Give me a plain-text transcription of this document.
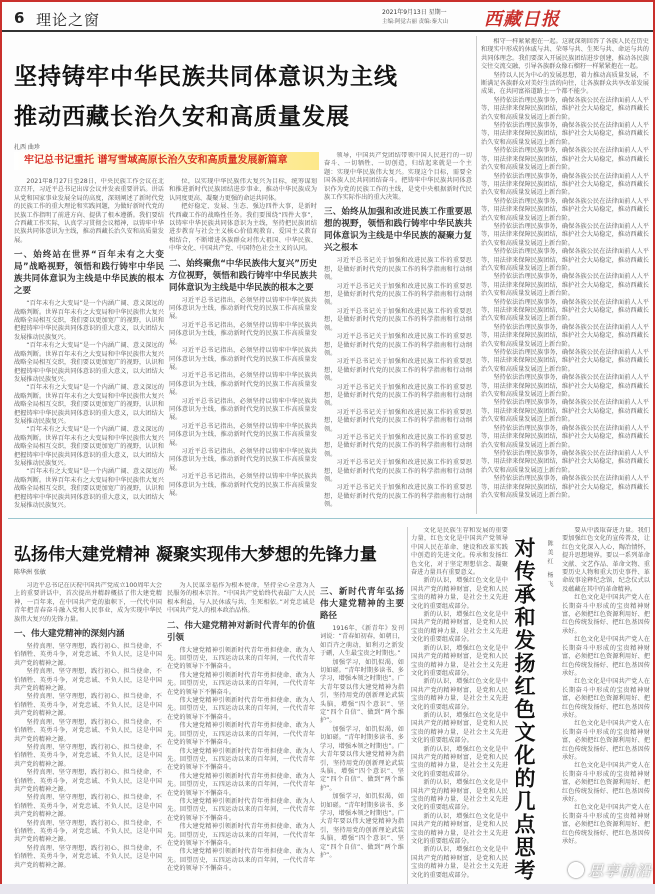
6 理论之窗	2021年9月13日 星期一
主编:阿觉古丽 责编:秦大山 西藏日报
坚持铸牢中华民族共同体意识为主线
推动西藏长治久安和高质量发展
扎西 曲珍
牢记总书记重托 谱写雪域高原长治久安和高质量发展新篇章

2021年8月27日至28日，中央民族工作会议在北京召开，习近平总书记出席会议并发表重要讲话。讲话从党和国家事业发展全局的高度，深刻阐述了新时代党的民族工作的重大理论和实践问题，为做好新时代党的民族工作指明了前进方向、提供了根本遵循。我们要结合西藏工作实际，认真学习贯彻会议精神，以铸牢中华民族共同体意识为主线，推动西藏长治久安和高质量发展。

一、始终站在世界“百年未有之大变局”战略视野，领悟和践行铸牢中华民族共同体意识为主线是中华民族的根本之要

“百年未有之大变局”是一个内涵广阔、意义深远的战略判断。世界百年未有之大变局和中华民族伟大复兴战略全局相互交织，我们要以更加宽广的视野，认识和把握铸牢中华民族共同体意识的重大意义，以大团结大发展推动民族复兴。

“百年未有之大变局”是一个内涵广阔、意义深远的战略判断。世界百年未有之大变局和中华民族伟大复兴战略全局相互交织，我们要以更加宽广的视野，认识和把握铸牢中华民族共同体意识的重大意义，以大团结大发展推动民族复兴。

“百年未有之大变局”是一个内涵广阔、意义深远的战略判断。世界百年未有之大变局和中华民族伟大复兴战略全局相互交织，我们要以更加宽广的视野，认识和把握铸牢中华民族共同体意识的重大意义，以大团结大发展推动民族复兴。

“百年未有之大变局”是一个内涵广阔、意义深远的战略判断。世界百年未有之大变局和中华民族伟大复兴战略全局相互交织，我们要以更加宽广的视野，认识和把握铸牢中华民族共同体意识的重大意义，以大团结大发展推动民族复兴。

“百年未有之大变局”是一个内涵广阔、意义深远的战略判断。世界百年未有之大变局和中华民族伟大复兴战略全局相互交织，我们要以更加宽广的视野，认识和把握铸牢中华民族共同体意识的重大意义，以大团结大发展推动民族复兴。

位，以实现中华民族伟大复兴为目标，统筹谋划和推进新时代民族团结进步事业，推动中华民族成为认同度更高、凝聚力更强的命运共同体。

把好稳定、发展、生态、强边四件大事，是新时代西藏工作的战略性任务。我们要围绕“四件大事”，以铸牢中华民族共同体意识为主线，坚持把民族团结进步教育与社会主义核心价值观教育、爱国主义教育相结合，不断增进各族群众对伟大祖国、中华民族、中华文化、中国共产党、中国特色社会主义的认同。

二、始终聚焦“中华民族伟大复兴”历史方位视野，领悟和践行铸牢中华民族共同体意识为主线是中华民族的根本之要

习近平总书记指出，必须坚持以铸牢中华民族共同体意识为主线，推动新时代党的民族工作高质量发展。

习近平总书记指出，必须坚持以铸牢中华民族共同体意识为主线，推动新时代党的民族工作高质量发展。

习近平总书记指出，必须坚持以铸牢中华民族共同体意识为主线，推动新时代党的民族工作高质量发展。

习近平总书记指出，必须坚持以铸牢中华民族共同体意识为主线，推动新时代党的民族工作高质量发展。

习近平总书记指出，必须坚持以铸牢中华民族共同体意识为主线，推动新时代党的民族工作高质量发展。

习近平总书记指出，必须坚持以铸牢中华民族共同体意识为主线，推动新时代党的民族工作高质量发展。

习近平总书记指出，必须坚持以铸牢中华民族共同体意识为主线，推动新时代党的民族工作高质量发展。

习近平总书记指出，必须坚持以铸牢中华民族共同体意识为主线，推动新时代党的民族工作高质量发展。

领导，中国共产党团结带领中国人民进行的一切奋斗、一切牺牲、一切创造，归结起来就是一个主题：实现中华民族伟大复兴。实现这个目标，需要全国各族人民共同团结奋斗。把铸牢中华民族共同体意识作为党的民族工作的主线，是党中央根据新时代民族工作实际作出的重大决策。

三、始终从加强和改进民族工作重要思想的视野，领悟和践行铸牢中华民族共同体意识为主线是中华民族的凝聚力复兴之根本

习近平总书记关于加强和改进民族工作的重要思想，是做好新时代党的民族工作的科学指南和行动纲领。

习近平总书记关于加强和改进民族工作的重要思想，是做好新时代党的民族工作的科学指南和行动纲领。

习近平总书记关于加强和改进民族工作的重要思想，是做好新时代党的民族工作的科学指南和行动纲领。

习近平总书记关于加强和改进民族工作的重要思想，是做好新时代党的民族工作的科学指南和行动纲领。

习近平总书记关于加强和改进民族工作的重要思想，是做好新时代党的民族工作的科学指南和行动纲领。

习近平总书记关于加强和改进民族工作的重要思想，是做好新时代党的民族工作的科学指南和行动纲领。

习近平总书记关于加强和改进民族工作的重要思想，是做好新时代党的民族工作的科学指南和行动纲领。

习近平总书记关于加强和改进民族工作的重要思想，是做好新时代党的民族工作的科学指南和行动纲领。

习近平总书记关于加强和改进民族工作的重要思想，是做好新时代党的民族工作的科学指南和行动纲领。

习近平总书记关于加强和改进民族工作的重要思想，是做好新时代党的民族工作的科学指南和行动纲领。

相守一样紧紧抱在一起。这就深刻回答了各族人民在历史和现实中形成的休戚与共、荣辱与共、生死与共、命运与共的共同体理念。我们要深入开展民族团结进步创建，推动各民族交往交流交融，引导各族群众像石榴籽一样紧紧抱在一起。

坚持以人民为中心的发展思想，着力推动高质量发展，不断满足各族群众对美好生活的向往，让各族群众共享改革发展成果，在共同富裕道路上一个都不能少。

坚持依法治理民族事务，确保各族公民在法律面前人人平等，用法律来保障民族团结，维护社会大局稳定，推动西藏长治久安和高质量发展迈上新台阶。

坚持依法治理民族事务，确保各族公民在法律面前人人平等，用法律来保障民族团结，维护社会大局稳定，推动西藏长治久安和高质量发展迈上新台阶。

坚持依法治理民族事务，确保各族公民在法律面前人人平等，用法律来保障民族团结，维护社会大局稳定，推动西藏长治久安和高质量发展迈上新台阶。

坚持依法治理民族事务，确保各族公民在法律面前人人平等，用法律来保障民族团结，维护社会大局稳定，推动西藏长治久安和高质量发展迈上新台阶。

坚持依法治理民族事务，确保各族公民在法律面前人人平等，用法律来保障民族团结，维护社会大局稳定，推动西藏长治久安和高质量发展迈上新台阶。

坚持依法治理民族事务，确保各族公民在法律面前人人平等，用法律来保障民族团结，维护社会大局稳定，推动西藏长治久安和高质量发展迈上新台阶。

坚持依法治理民族事务，确保各族公民在法律面前人人平等，用法律来保障民族团结，维护社会大局稳定，推动西藏长治久安和高质量发展迈上新台阶。

坚持依法治理民族事务，确保各族公民在法律面前人人平等，用法律来保障民族团结，维护社会大局稳定，推动西藏长治久安和高质量发展迈上新台阶。

坚持依法治理民族事务，确保各族公民在法律面前人人平等，用法律来保障民族团结，维护社会大局稳定，推动西藏长治久安和高质量发展迈上新台阶。

坚持依法治理民族事务，确保各族公民在法律面前人人平等，用法律来保障民族团结，维护社会大局稳定，推动西藏长治久安和高质量发展迈上新台阶。

坚持依法治理民族事务，确保各族公民在法律面前人人平等，用法律来保障民族团结，维护社会大局稳定，推动西藏长治久安和高质量发展迈上新台阶。

坚持依法治理民族事务，确保各族公民在法律面前人人平等，用法律来保障民族团结，维护社会大局稳定，推动西藏长治久安和高质量发展迈上新台阶。

坚持依法治理民族事务，确保各族公民在法律面前人人平等，用法律来保障民族团结，维护社会大局稳定，推动西藏长治久安和高质量发展迈上新台阶。

坚持依法治理民族事务，确保各族公民在法律面前人人平等，用法律来保障民族团结，维护社会大局稳定，推动西藏长治久安和高质量发展迈上新台阶。

坚持依法治理民族事务，确保各族公民在法律面前人人平等，用法律来保障民族团结，维护社会大局稳定，推动西藏长治久安和高质量发展迈上新台阶。

坚持依法治理民族事务，确保各族公民在法律面前人人平等，用法律来保障民族团结，维护社会大局稳定，推动西藏长治久安和高质量发展迈上新台阶。

弘扬伟大建党精神 凝聚实现伟大梦想的先锋力量
陈华洲 张敏

习近平总书记在庆祝中国共产党成立100周年大会上的重要讲话中，首次提出并精辟概括了伟大建党精神，一百年来，在中国共产党的旗帜下，一代代中国青年把青春奋斗融入党和人民事业，成为实现中华民族伟大复兴的先锋力量。

一、伟大建党精神的深刻内涵

坚持真理、坚守理想，践行初心、担当使命，不怕牺牲、英勇斗争，对党忠诚、不负人民，这是中国共产党的精神之源。

坚持真理、坚守理想，践行初心、担当使命，不怕牺牲、英勇斗争，对党忠诚、不负人民，这是中国共产党的精神之源。

坚持真理、坚守理想，践行初心、担当使命，不怕牺牲、英勇斗争，对党忠诚、不负人民，这是中国共产党的精神之源。

坚持真理、坚守理想，践行初心、担当使命，不怕牺牲、英勇斗争，对党忠诚、不负人民，这是中国共产党的精神之源。

坚持真理、坚守理想，践行初心、担当使命，不怕牺牲、英勇斗争，对党忠诚、不负人民，这是中国共产党的精神之源。

坚持真理、坚守理想，践行初心、担当使命，不怕牺牲、英勇斗争，对党忠诚、不负人民，这是中国共产党的精神之源。

坚持真理、坚守理想，践行初心、担当使命，不怕牺牲、英勇斗争，对党忠诚、不负人民，这是中国共产党的精神之源。

坚持真理、坚守理想，践行初心、担当使命，不怕牺牲、英勇斗争，对党忠诚、不负人民，这是中国共产党的精神之源。

坚持真理、坚守理想，践行初心、担当使命，不怕牺牲、英勇斗争，对党忠诚、不负人民，这是中国共产党的精神之源。

为人民谋幸福作为根本使命，坚持全心全意为人民服务的根本宗旨。“中国共产党始终代表最广大人民根本利益，与人民休戚与共、生死相依。”对党忠诚是中国共产党人的根本政治品格。

二、伟大建党精神对新时代青年的价值引领

伟大建党精神引领新时代青年勇担使命、敢为人先。回望历史，五四运动以来的百年间，一代代青年在党的领导下不懈奋斗。

伟大建党精神引领新时代青年勇担使命、敢为人先。回望历史，五四运动以来的百年间，一代代青年在党的领导下不懈奋斗。

伟大建党精神引领新时代青年勇担使命、敢为人先。回望历史，五四运动以来的百年间，一代代青年在党的领导下不懈奋斗。

伟大建党精神引领新时代青年勇担使命、敢为人先。回望历史，五四运动以来的百年间，一代代青年在党的领导下不懈奋斗。

伟大建党精神引领新时代青年勇担使命、敢为人先。回望历史，五四运动以来的百年间，一代代青年在党的领导下不懈奋斗。

伟大建党精神引领新时代青年勇担使命、敢为人先。回望历史，五四运动以来的百年间，一代代青年在党的领导下不懈奋斗。

伟大建党精神引领新时代青年勇担使命、敢为人先。回望历史，五四运动以来的百年间，一代代青年在党的领导下不懈奋斗。

伟大建党精神引领新时代青年勇担使命、敢为人先。回望历史，五四运动以来的百年间，一代代青年在党的领导下不懈奋斗。

伟大建党精神引领新时代青年勇担使命、敢为人先。回望历史，五四运动以来的百年间，一代代青年在党的领导下不懈奋斗。

三、新时代青年弘扬伟大建党精神的主要路径

1916年，《新青年》发刊词说：“青春如初春，如朝日，如百卉之萌动，如利刃之新发于硎，人生最宝贵之时期也。”

加强学习，如饥似渴，如切如磋。“青年时期多读书、多学习，增强本领之时期也”。广大青年要以伟大建党精神为指引，坚持用党的创新理论武装头脑，增强“四个意识”、坚定“四个自信”、做到“两个维护”。

加强学习，如饥似渴，如切如磋。“青年时期多读书、多学习，增强本领之时期也”。广大青年要以伟大建党精神为指引，坚持用党的创新理论武装头脑，增强“四个意识”、坚定“四个自信”、做到“两个维护”。

加强学习，如饥似渴，如切如磋。“青年时期多读书、多学习，增强本领之时期也”。广大青年要以伟大建党精神为指引，坚持用党的创新理论武装头脑，增强“四个意识”、坚定“四个自信”、做到“两个维护”。

文化是民族生存和发展的重要力量，红色文化是中国共产党领导中国人民在革命、建设和改革实践中创造的先进文化。传承和发扬红色文化，对于坚定理想信念、凝聚奋进力量具有重要意义。

新的认识，增强红色文化是中国共产党的精神财富，是党和人民宝贵的精神力量，是社会主义先进文化的重要组成部分。

新的认识，增强红色文化是中国共产党的精神财富，是党和人民宝贵的精神力量，是社会主义先进文化的重要组成部分。

新的认识，增强红色文化是中国共产党的精神财富，是党和人民宝贵的精神力量，是社会主义先进文化的重要组成部分。

新的认识，增强红色文化是中国共产党的精神财富，是党和人民宝贵的精神力量，是社会主义先进文化的重要组成部分。

新的认识，增强红色文化是中国共产党的精神财富，是党和人民宝贵的精神力量，是社会主义先进文化的重要组成部分。

新的认识，增强红色文化是中国共产党的精神财富，是党和人民宝贵的精神力量，是社会主义先进文化的重要组成部分。

新的认识，增强红色文化是中国共产党的精神财富，是党和人民宝贵的精神力量，是社会主义先进文化的重要组成部分。

新的认识，增强红色文化是中国共产党的精神财富，是党和人民宝贵的精神力量，是社会主义先进文化的重要组成部分。

新的认识，增强红色文化是中国共产党的精神财富，是党和人民宝贵的精神力量，是社会主义先进文化的重要组成部分。	对传承和发扬红色文化的几点思考	陈美红 杨飞

要从中汲取奋进力量。我们要加强红色文化的宣传普及，让红色文化深入人心，陶冶情怀，提升思想境界。要以一系列革命文献、文艺作品、革命文物、重要历史人物和重大历史事件、革命故事诠释纪念馆，纪念仪式以及蕴藏在其中的革命精神。

红色文化是中国共产党人在长期奋斗中形成的宝贵精神财富，必须把红色资源利用好、把红色传统发扬好、把红色基因传承好。

红色文化是中国共产党人在长期奋斗中形成的宝贵精神财富，必须把红色资源利用好、把红色传统发扬好、把红色基因传承好。

红色文化是中国共产党人在长期奋斗中形成的宝贵精神财富，必须把红色资源利用好、把红色传统发扬好、把红色基因传承好。

红色文化是中国共产党人在长期奋斗中形成的宝贵精神财富，必须把红色资源利用好、把红色传统发扬好、把红色基因传承好。

红色文化是中国共产党人在长期奋斗中形成的宝贵精神财富，必须把红色资源利用好、把红色传统发扬好、把红色基因传承好。

红色文化是中国共产党人在长期奋斗中形成的宝贵精神财富，必须把红色资源利用好、把红色传统发扬好、把红色基因传承好。

思享前沿
